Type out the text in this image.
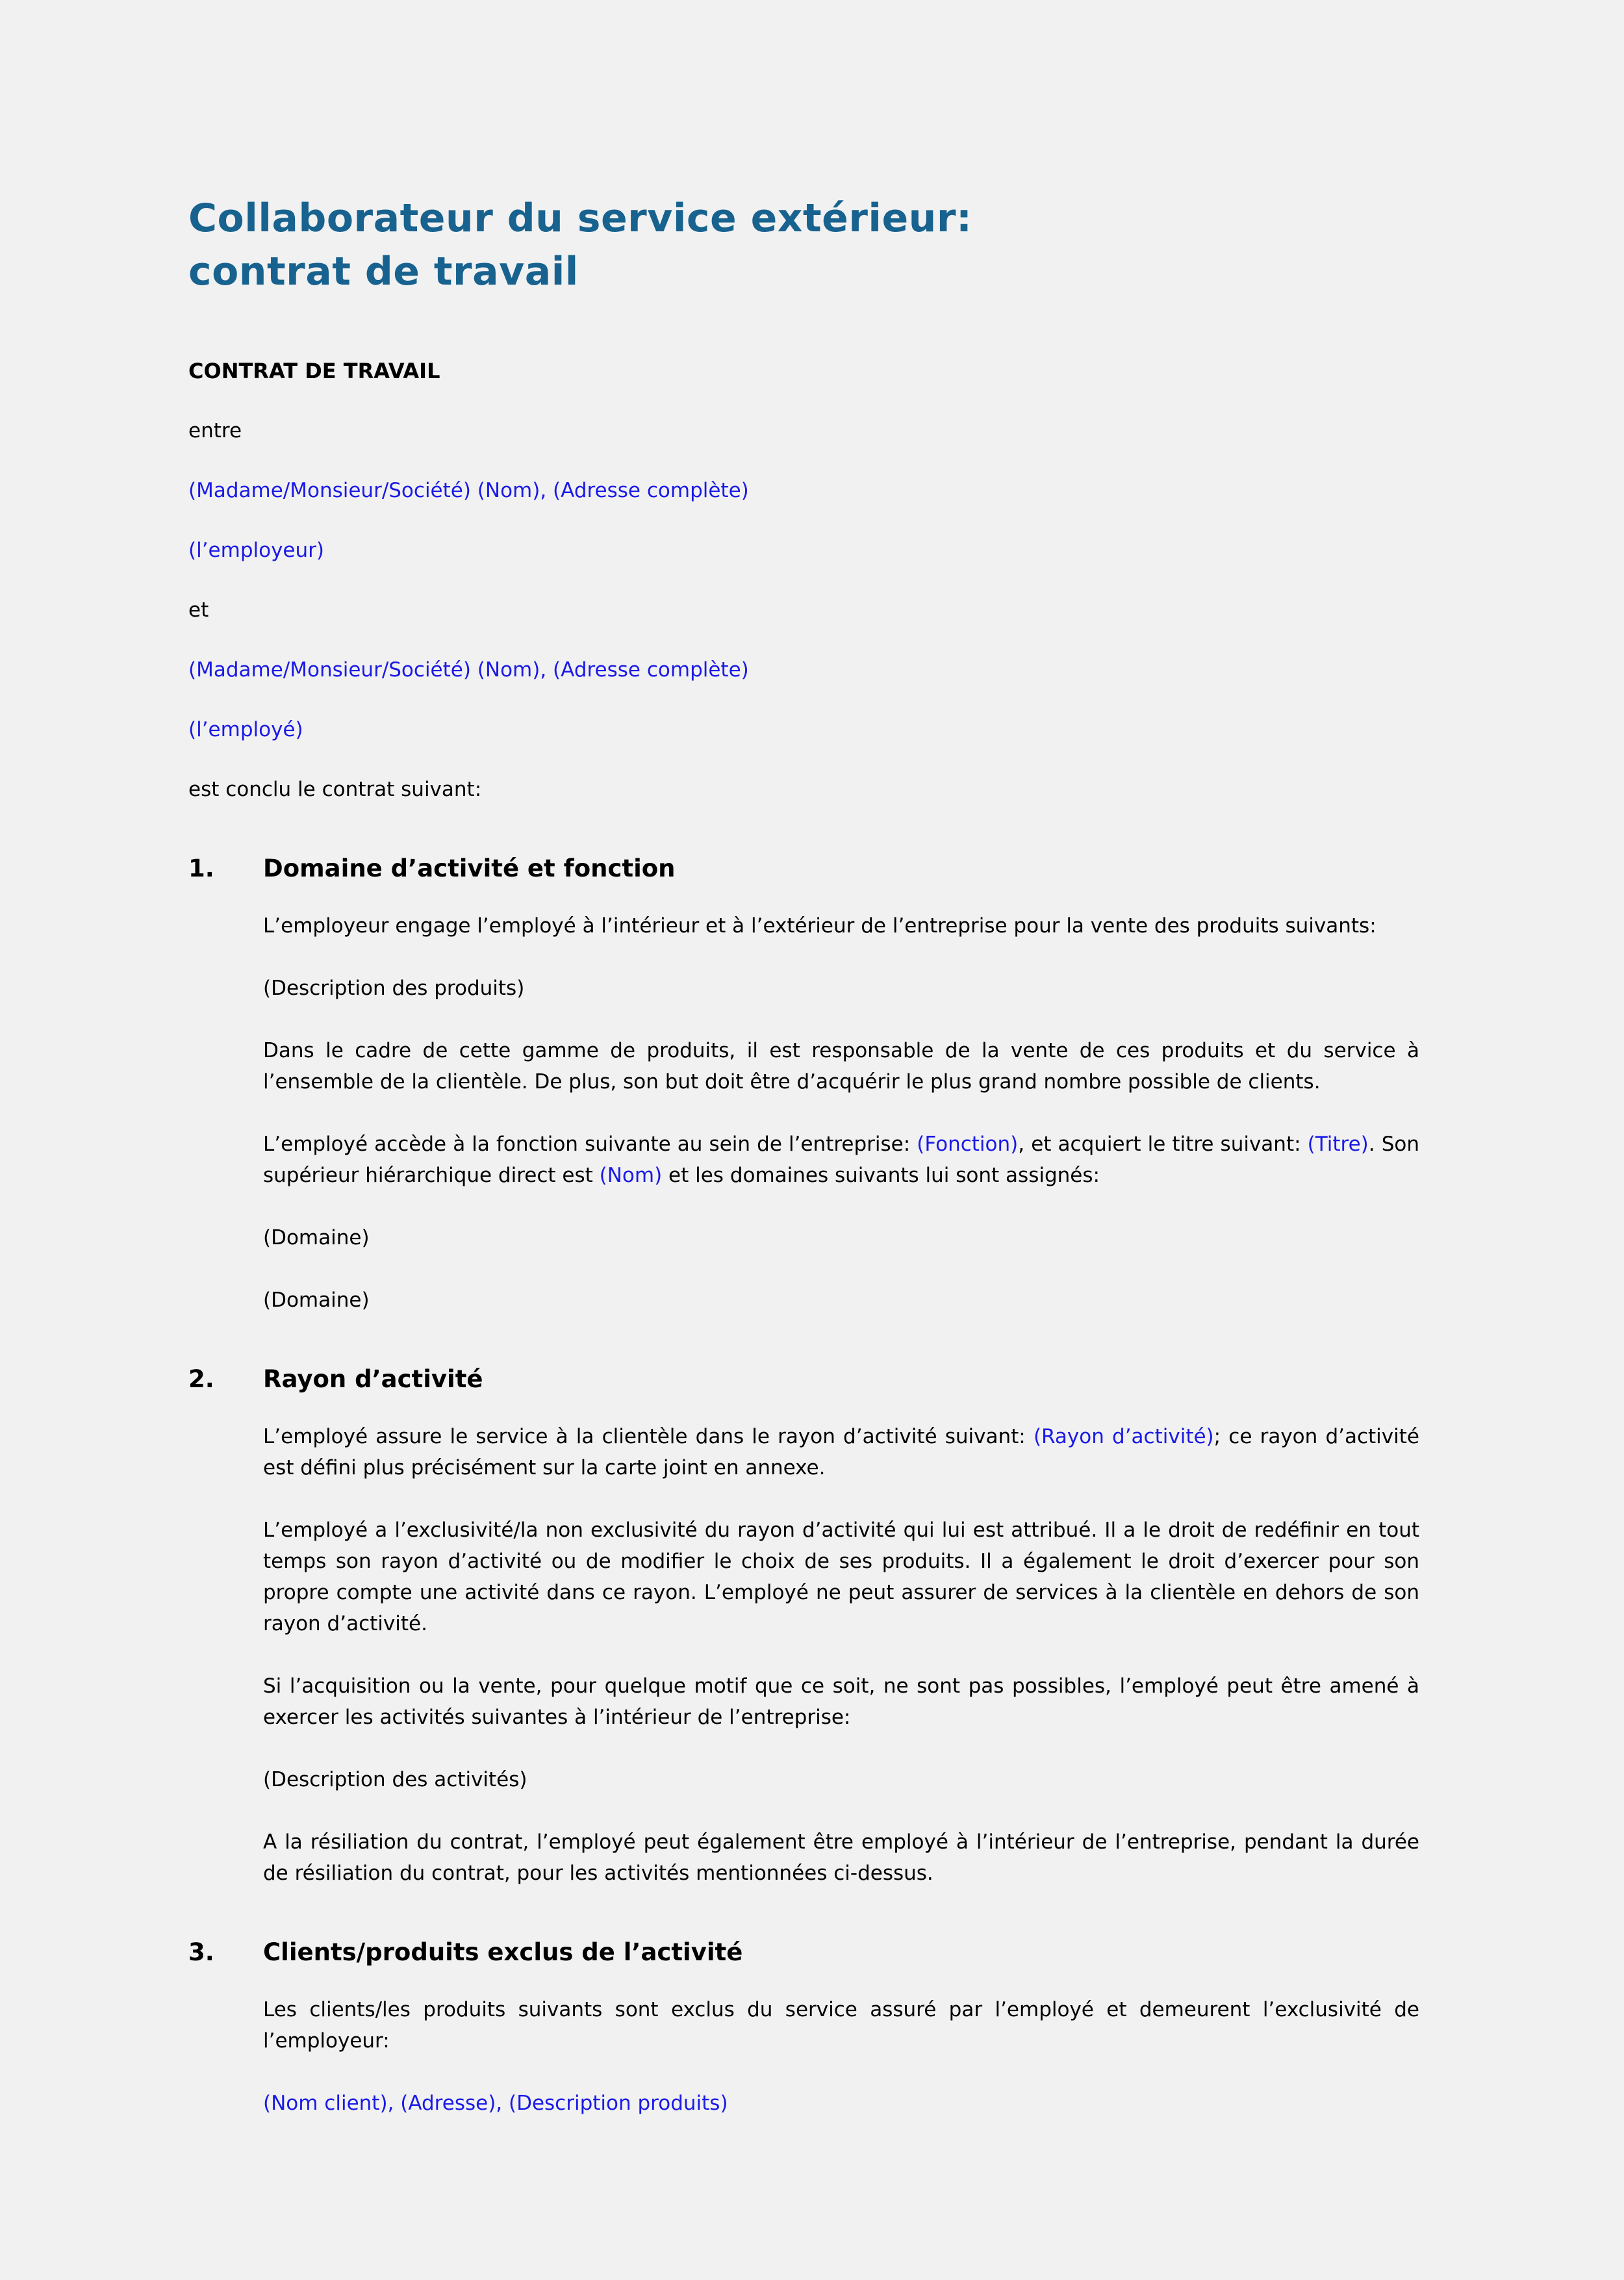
Collaborateur du service extérieur:
contrat de travail

CONTRAT DE TRAVAIL

entre

(Madame/Monsieur/Société) (Nom), (Adresse complète)

(l’employeur)

et

(Madame/Monsieur/Société) (Nom), (Adresse complète)

(l’employé)

est conclu le contrat suivant:

1.	Domaine d’activité et fonction

L’employeur engage l’employé à l’intérieur et à l’extérieur de l’entreprise pour la vente des produits suivants:

(Description des produits)

Dans le cadre de cette gamme de produits, il est responsable de la vente de ces produits et du service à l’ensemble de la clientèle. De plus, son but doit être d’acquérir le plus grand nombre possible de clients.

L’employé accède à la fonction suivante au sein de l’entreprise: (Fonction), et acquiert le titre suivant: (Titre). Son supérieur hiérarchique direct est (Nom) et les domaines suivants lui sont assignés:

(Domaine)

(Domaine)

2.	Rayon d’activité

L’employé assure le service à la clientèle dans le rayon d’activité suivant: (Rayon d’activité); ce rayon d’activité est défini plus précisément sur la carte joint en annexe.

L’employé a l’exclusivité/la non exclusivité du rayon d’activité qui lui est attribué. Il a le droit de redéfinir en tout temps son rayon d’activité ou de modifier le choix de ses produits. Il a également le droit d’exercer pour son propre compte une activité dans ce rayon. L’employé ne peut assurer de services à la clientèle en dehors de son rayon d’activité.

Si l’acquisition ou la vente, pour quelque motif que ce soit, ne sont pas possibles, l’employé peut être amené à exercer les activités suivantes à l’intérieur de l’entreprise:

(Description des activités)

A la résiliation du contrat, l’employé peut également être employé à l’intérieur de l’entreprise, pendant la durée de résiliation du contrat, pour les activités mentionnées ci-dessus.

3.	Clients/produits exclus de l’activité

Les clients/les produits suivants sont exclus du service assuré par l’employé et demeurent l’exclusivité de l’employeur:

(Nom client), (Adresse), (Description produits)
